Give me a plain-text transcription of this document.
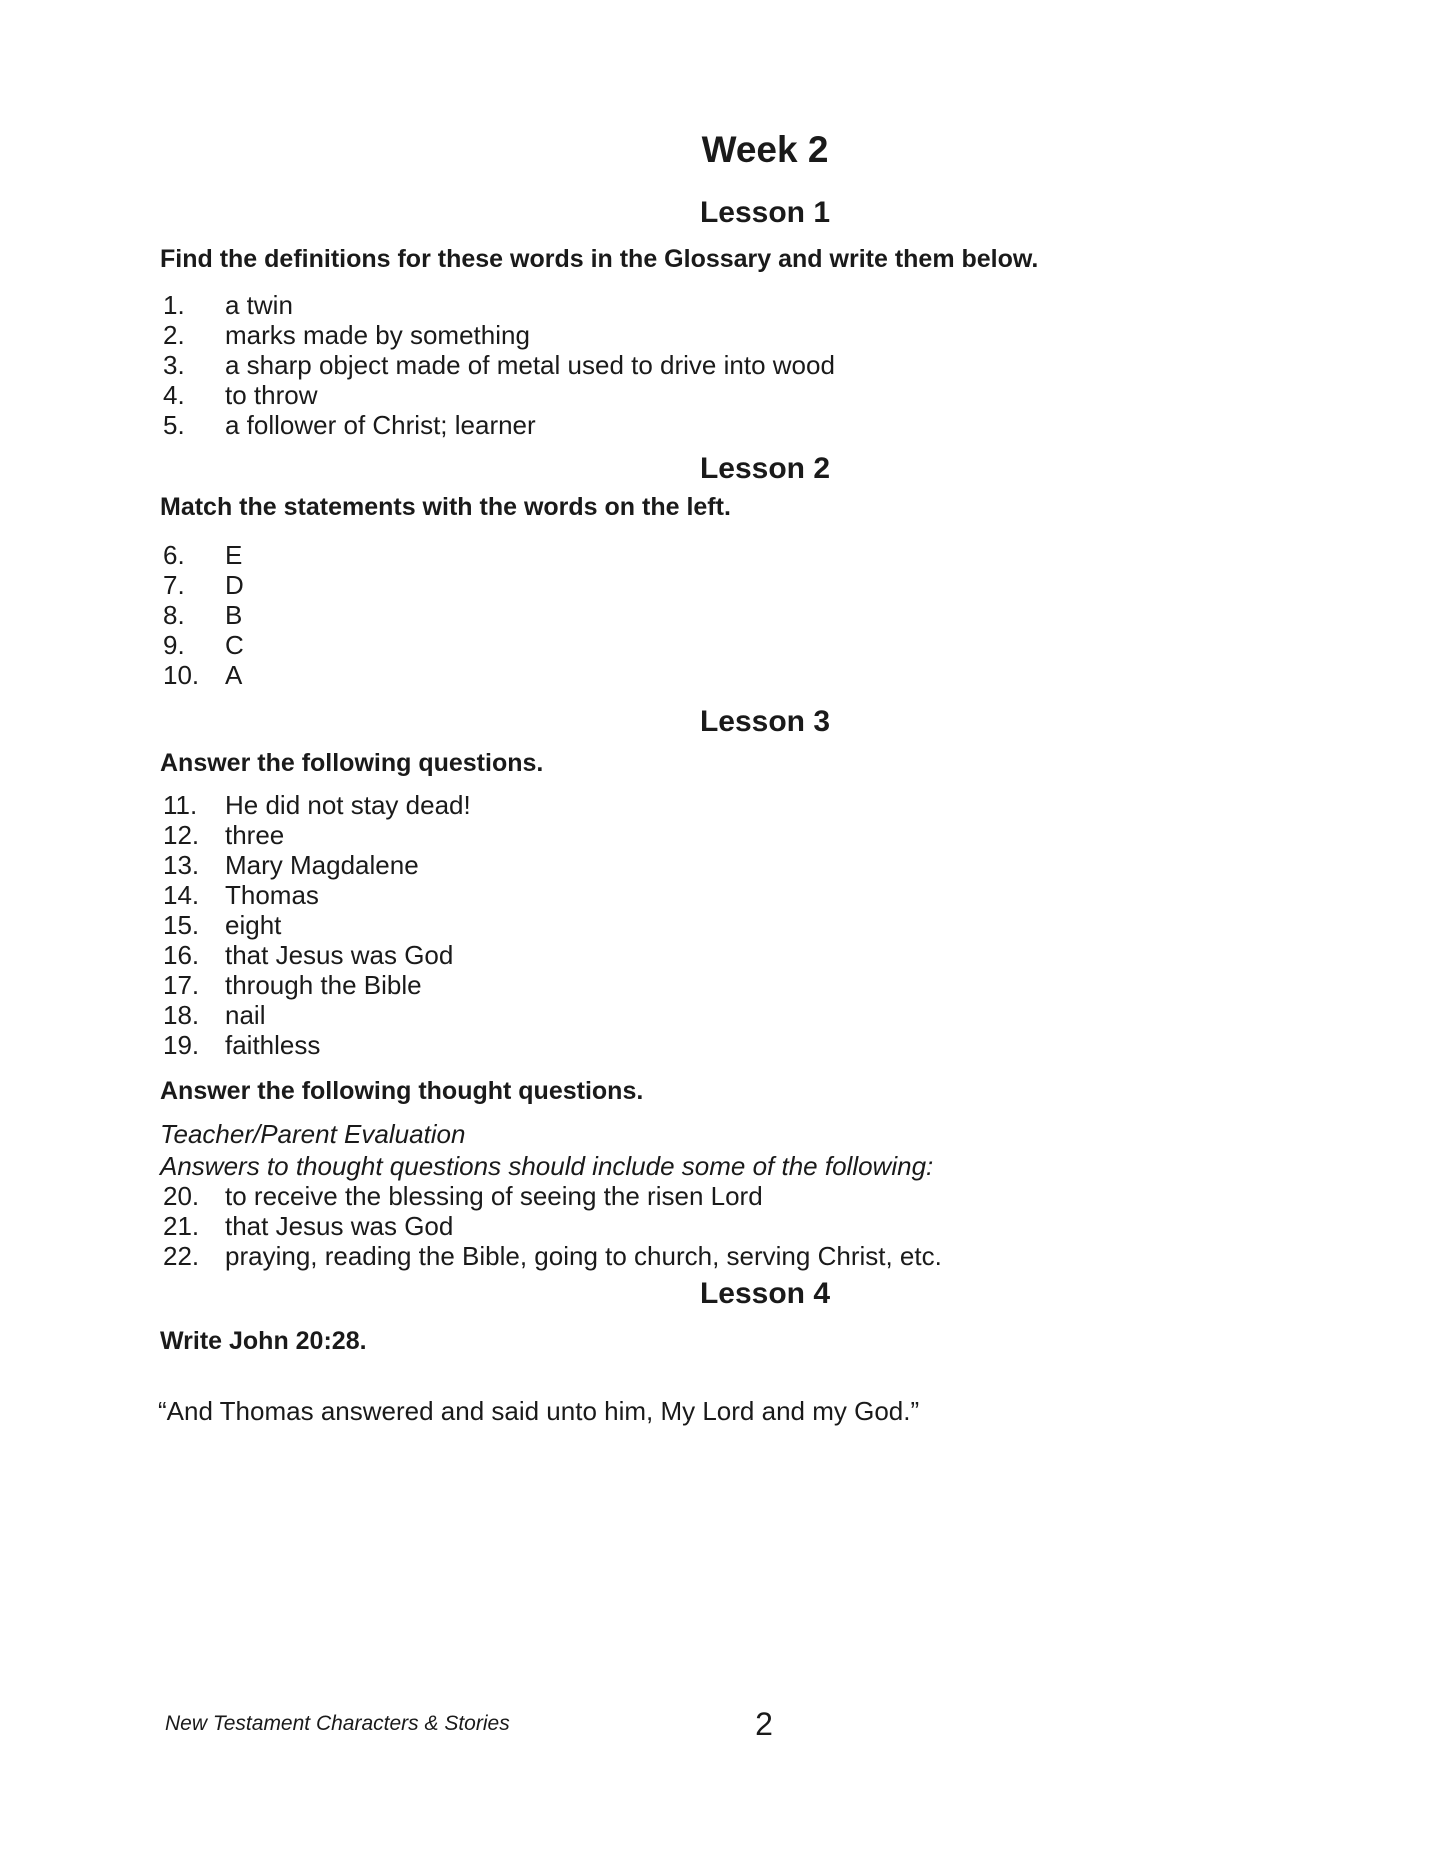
Week 2
Lesson 1
Find the definitions for these words in the Glossary and write them below.
1. a twin
2. marks made by something
3. a sharp object made of metal used to drive into wood
4. to throw
5. a follower of Christ; learner
Lesson 2
Match the statements with the words on the left.
6. E
7. D
8. B
9. C
10. A
Lesson 3
Answer the following questions.
11. He did not stay dead!
12. three
13. Mary Magdalene
14. Thomas
15. eight
16. that Jesus was God
17. through the Bible
18. nail
19. faithless
Answer the following thought questions.
Teacher/Parent Evaluation
Answers to thought questions should include some of the following:
20. to receive the blessing of seeing the risen Lord
21. that Jesus was God
22. praying, reading the Bible, going to church, serving Christ, etc.
Lesson 4
Write John 20:28.
“And Thomas answered and said unto him, My Lord and my God.”
New Testament Characters & Stories	2
